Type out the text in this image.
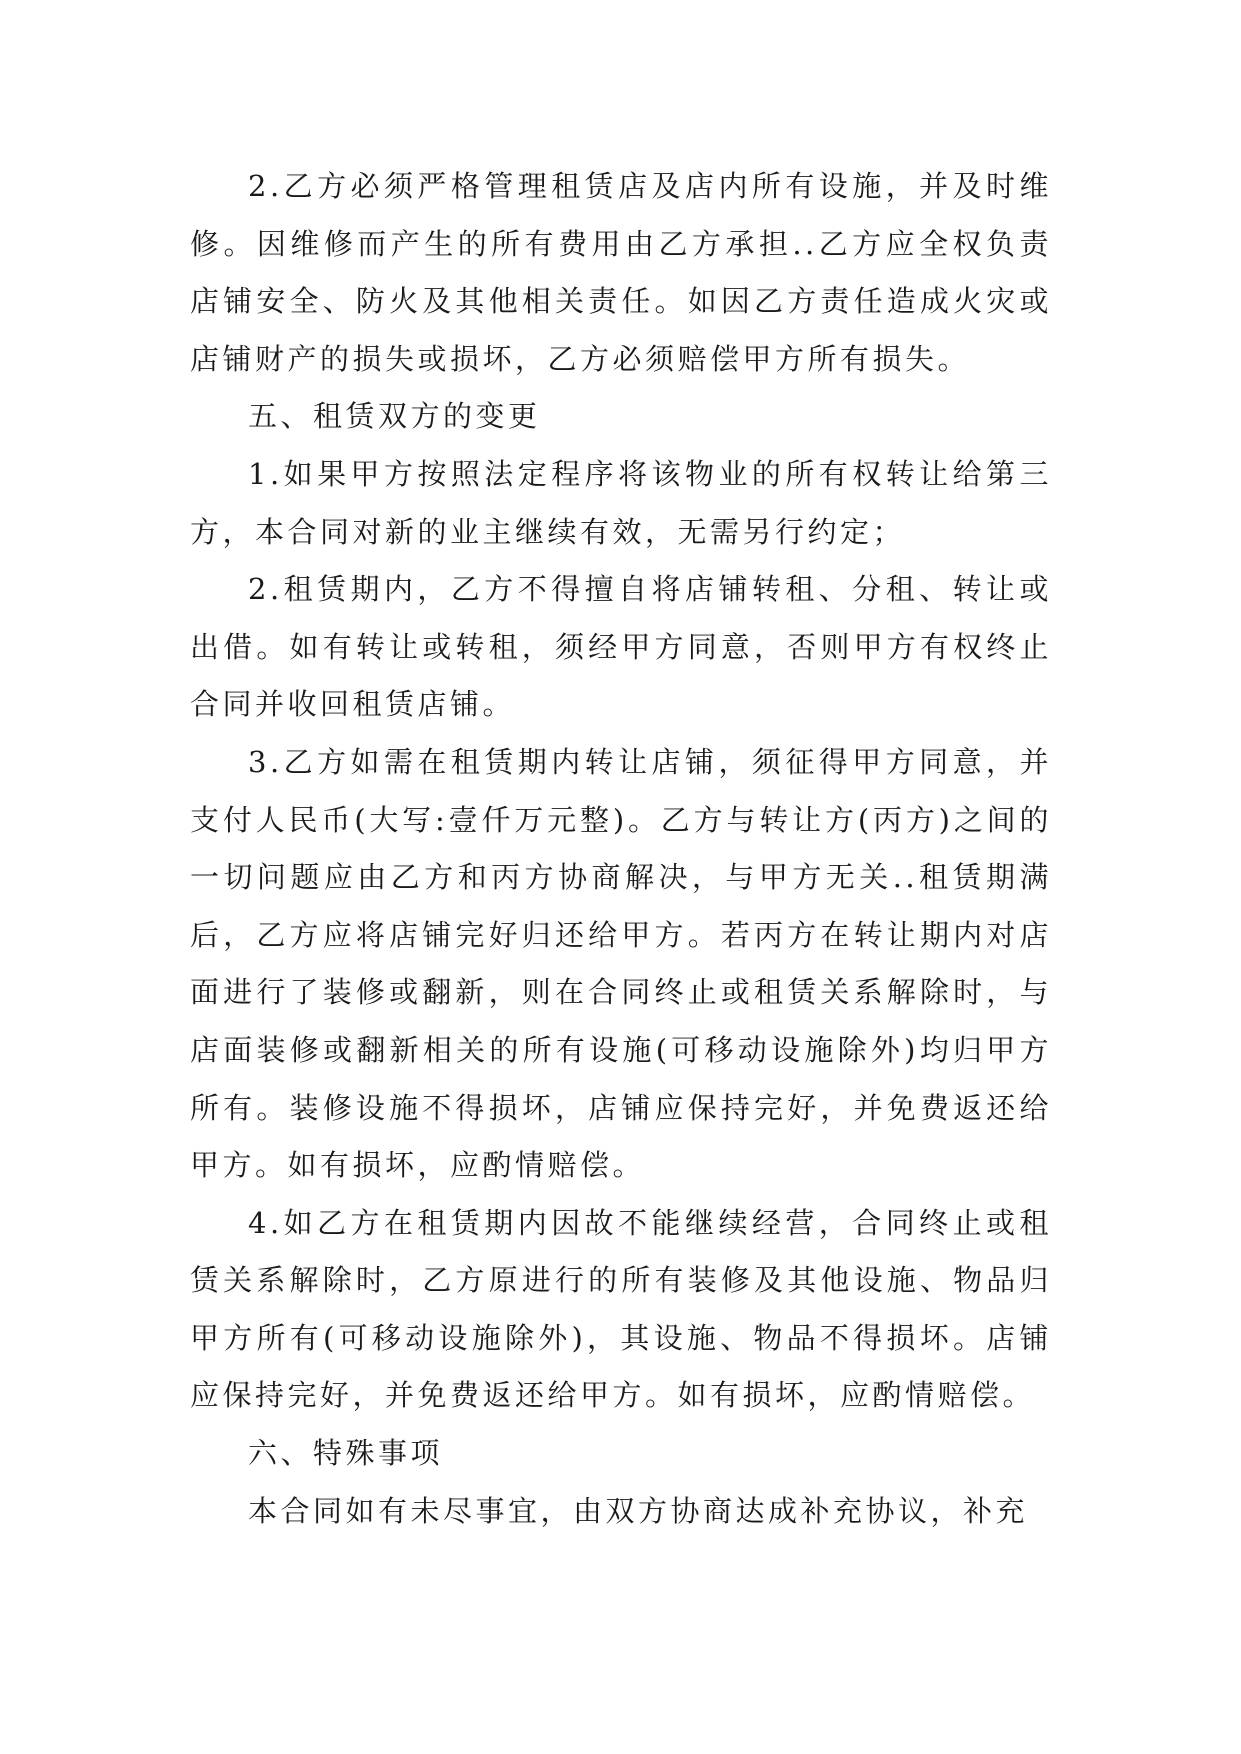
2.乙方必须严格管理租赁店及店内所有设施，并及时维修。因维修而产生的所有费用由乙方承担..乙方应全权负责店铺安全、防火及其他相关责任。如因乙方责任造成火灾或店铺财产的损失或损坏，乙方必须赔偿甲方所有损失。

五、租赁双方的变更

1.如果甲方按照法定程序将该物业的所有权转让给第三方，本合同对新的业主继续有效，无需另行约定；

2.租赁期内，乙方不得擅自将店铺转租、分租、转让或出借。如有转让或转租，须经甲方同意，否则甲方有权终止合同并收回租赁店铺。

3.乙方如需在租赁期内转让店铺，须征得甲方同意，并支付人民币(大写:壹仟万元整)。乙方与转让方(丙方)之间的一切问题应由乙方和丙方协商解决，与甲方无关..租赁期满后，乙方应将店铺完好归还给甲方。若丙方在转让期内对店面进行了装修或翻新，则在合同终止或租赁关系解除时，与店面装修或翻新相关的所有设施(可移动设施除外)均归甲方所有。装修设施不得损坏，店铺应保持完好，并免费返还给甲方。如有损坏，应酌情赔偿。

4.如乙方在租赁期内因故不能继续经营，合同终止或租赁关系解除时，乙方原进行的所有装修及其他设施、物品归甲方所有(可移动设施除外)，其设施、物品不得损坏。店铺应保持完好，并免费返还给甲方。如有损坏，应酌情赔偿。

六、特殊事项

本合同如有未尽事宜，由双方协商达成补充协议，补充
